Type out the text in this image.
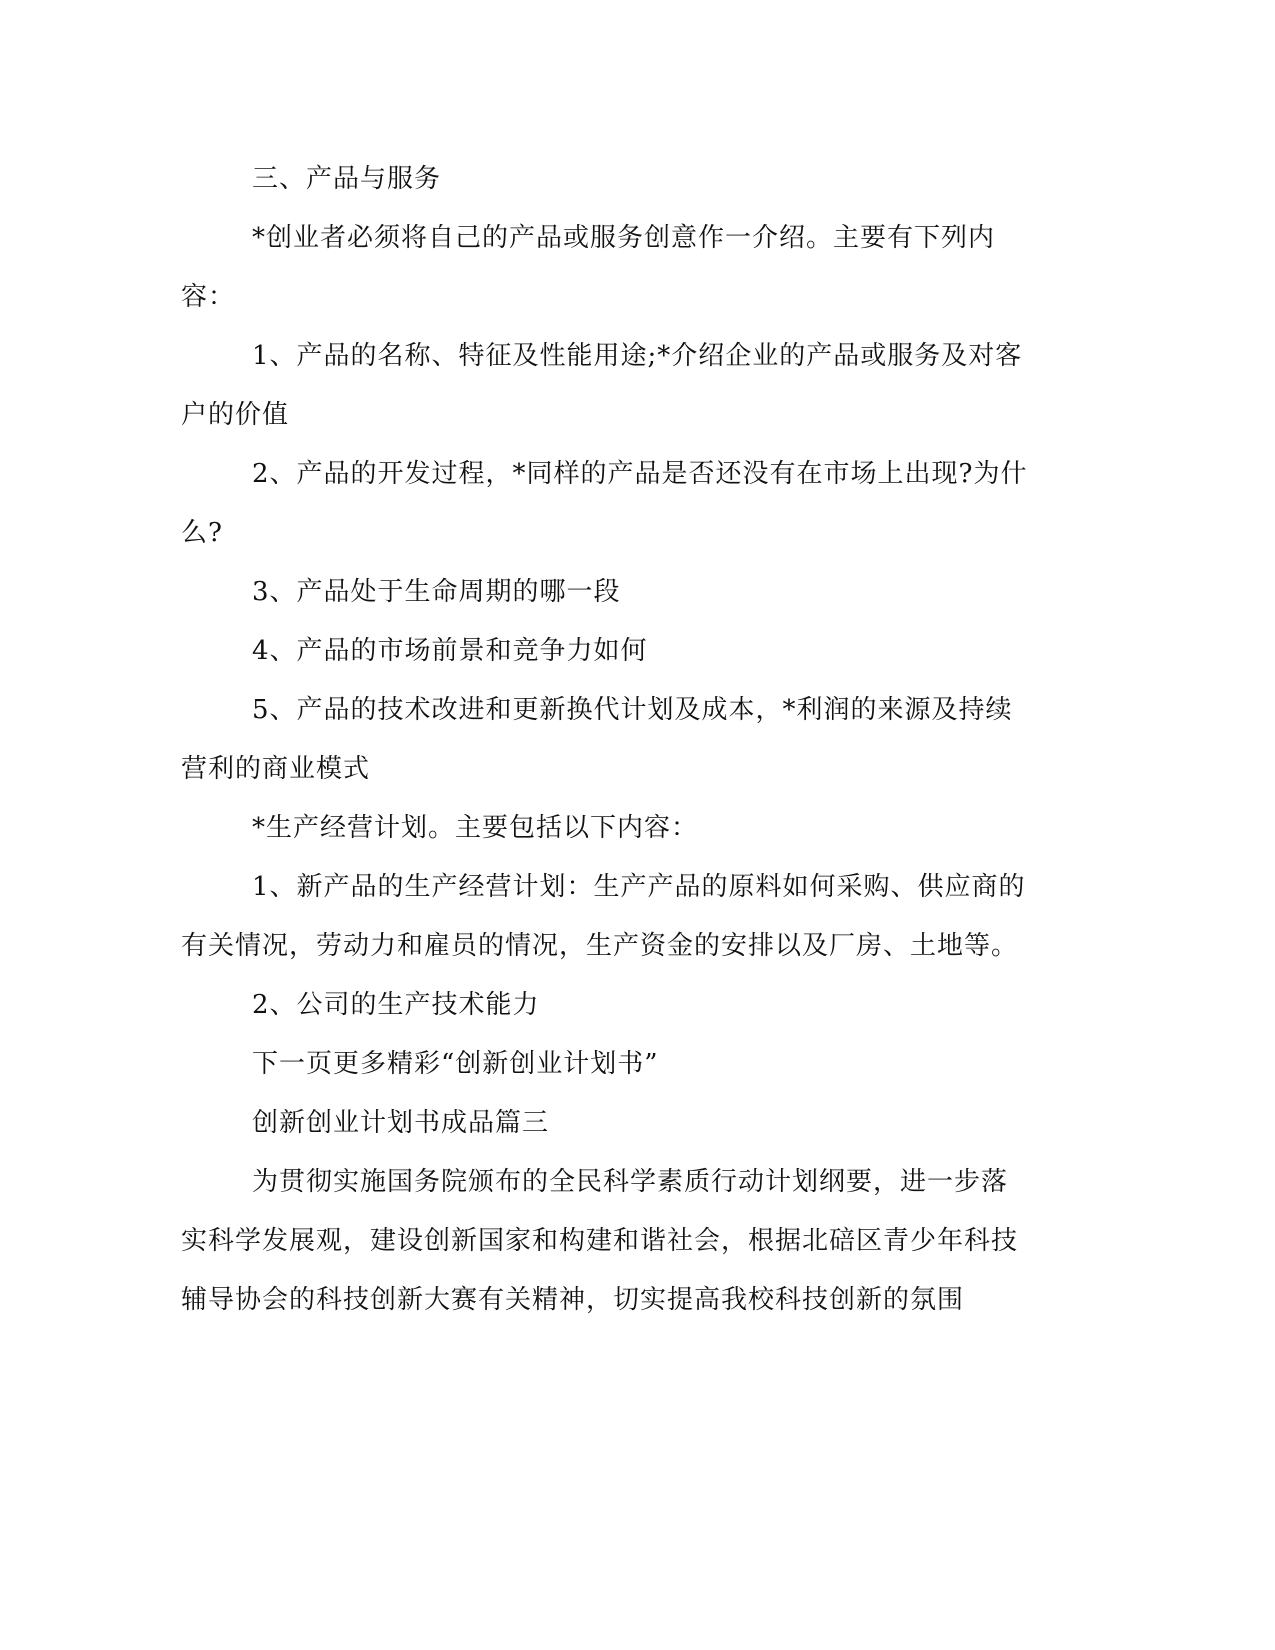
三、产品与服务

*创业者必须将自己的产品或服务创意作一介绍。主要有下列内容：

1、产品的名称、特征及性能用途;*介绍企业的产品或服务及对客户的价值

2、产品的开发过程，*同样的产品是否还没有在市场上出现?为什么?

3、产品处于生命周期的哪一段

4、产品的市场前景和竞争力如何

5、产品的技术改进和更新换代计划及成本，*利润的来源及持续营利的商业模式

*生产经营计划。主要包括以下内容：

1、新产品的生产经营计划：生产产品的原料如何采购、供应商的有关情况，劳动力和雇员的情况，生产资金的安排以及厂房、土地等。

2、公司的生产技术能力

下一页更多精彩“创新创业计划书”

创新创业计划书成品篇三

为贯彻实施国务院颁布的全民科学素质行动计划纲要，进一步落实科学发展观，建设创新国家和构建和谐社会，根据北碚区青少年科技辅导协会的科技创新大赛有关精神，切实提高我校科技创新的氛围
